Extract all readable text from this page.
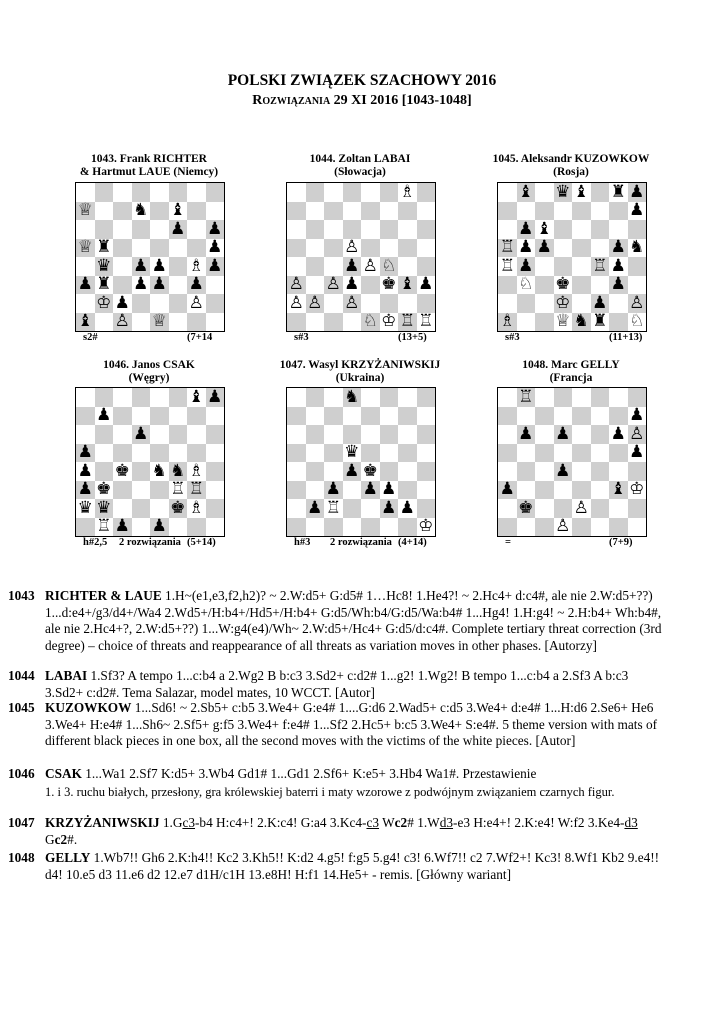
POLSKI ZWIĄZEK SZACHOWY 2016
Rozwiązania 29 XI 2016 [1043-1048]
1043. Frank RICHTER
& Hartmut LAUE (Niemcy)
♕ ♞ ♝
♟ ♟
♕ ♜	♟
♛ ♟ ♟ ♗ ♟
♟ ♜ ♟ ♟ ♟
♔ ♟	♙
♝ ♙ ♕
s2#	(7+14
1044. Zoltan LABAI
(Słowacja)
♗
♙
♟ ♙ ♘
♙ ♙ ♟ ♚ ♝ ♟
♙ ♙ ♙
♘ ♔ ♖ ♖
s#3	(13+5)
1045. Aleksandr KUZOWKOW
(Rosja)
♝ ♛ ♝ ♜ ♟
♟
♟ ♝
♖ ♟ ♟	♟ ♞
♖ ♟	♖ ♟
♘ ♚ ♟
♔ ♟ ♙
♗ ♕ ♞ ♜ ♘
s#3	(11+13)
1046. Janos CSAK
(Węgry)
♝ ♟
♟
♟
♟
♟ ♚ ♞ ♞ ♗
♟ ♚	♖ ♖
♛ ♛	♚ ♗
♖ ♟ ♟
h#2,5 2 rozwiązania (5+14)
1047. Wasyl KRZYŻANIWSKIJ
(Ukraina)
♞
♛
♟ ♚
♟ ♟ ♟
♟ ♖ ♟ ♟
♔
h#3 2 rozwiązania (4+14)
1048. Marc GELLY
(Francja
♖
♟
♟ ♟ ♟ ♙
♟
♟
♟	♝ ♔
♚ ♙
♙
=	(7+9)
1043 RICHTER & LAUE 1.H~(e1,e3,f2,h2)? ~ 2.W:d5+ G:d5# 1…Hc8! 1.He4?! ~ 2.Hc4+ d:c4#, ale nie 2.W:d5+??) 1...d:e4+/g3/d4+/Wa4 2.Wd5+/H:b4+/Hd5+/H:b4+ G:d5/Wh:b4/G:d5/Wa:b4# 1...Hg4! 1.H:g4! ~ 2.H:b4+ Wh:b4#, ale nie 2.Hc4+?, 2.W:d5+??) 1...W:g4(e4)/Wh~ 2.W:d5+/Hc4+ G:d5/d:c4#. Complete tertiary threat correction (3rd degree) – choice of threats and reappearance of all threats as variation moves in other phases. [Autorzy]
1044 LABAI 1.Sf3? A tempo 1...c:b4 a 2.Wg2 B b:c3 3.Sd2+ c:d2# 1...g2! 1.Wg2! B tempo 1...c:b4 a 2.Sf3 A b:c3 3.Sd2+ c:d2#. Tema Salazar, model mates, 10 WCCT. [Autor]
1045 KUZOWKOW 1...Sd6! ~ 2.Sb5+ c:b5 3.We4+ G:e4# 1....G:d6 2.Wad5+ c:d5 3.We4+ d:e4# 1...H:d6 2.Se6+ He6 3.We4+ H:e4# 1...Sh6~ 2.Sf5+ g:f5 3.We4+ f:e4# 1...Sf2 2.Hc5+ b:c5 3.We4+ S:e4#. 5 theme version with mats of different black pieces in one box, all the second moves with the victims of the white pieces. [Autor]
1046 CSAK 1...Wa1 2.Sf7 K:d5+ 3.Wb4 Gd1# 1...Gd1 2.Sf6+ K:e5+ 3.Hb4 Wa1#. Przestawienie
1. i 3. ruchu białych, przesłony, gra królewskiej baterri i maty wzorowe z podwójnym związaniem czarnych figur.
1047 KRZYŻANIWSKIJ 1.Gc3-b4 H:c4+! 2.K:c4! G:a4 3.Kc4-c3 Wc2# 1.Wd3-e3 H:e4+! 2.K:e4! W:f2 3.Ke4-d3 Gc2#.
1048 GELLY 1.Wb7!! Gh6 2.K:h4!! Kc2 3.Kh5!! K:d2 4.g5! f:g5 5.g4! c3! 6.Wf7!! c2 7.Wf2+! Kc3! 8.Wf1 Kb2 9.e4!! d4! 10.e5 d3 11.e6 d2 12.e7 d1H/c1H 13.e8H! H:f1 14.He5+ - remis. [Główny wariant]
